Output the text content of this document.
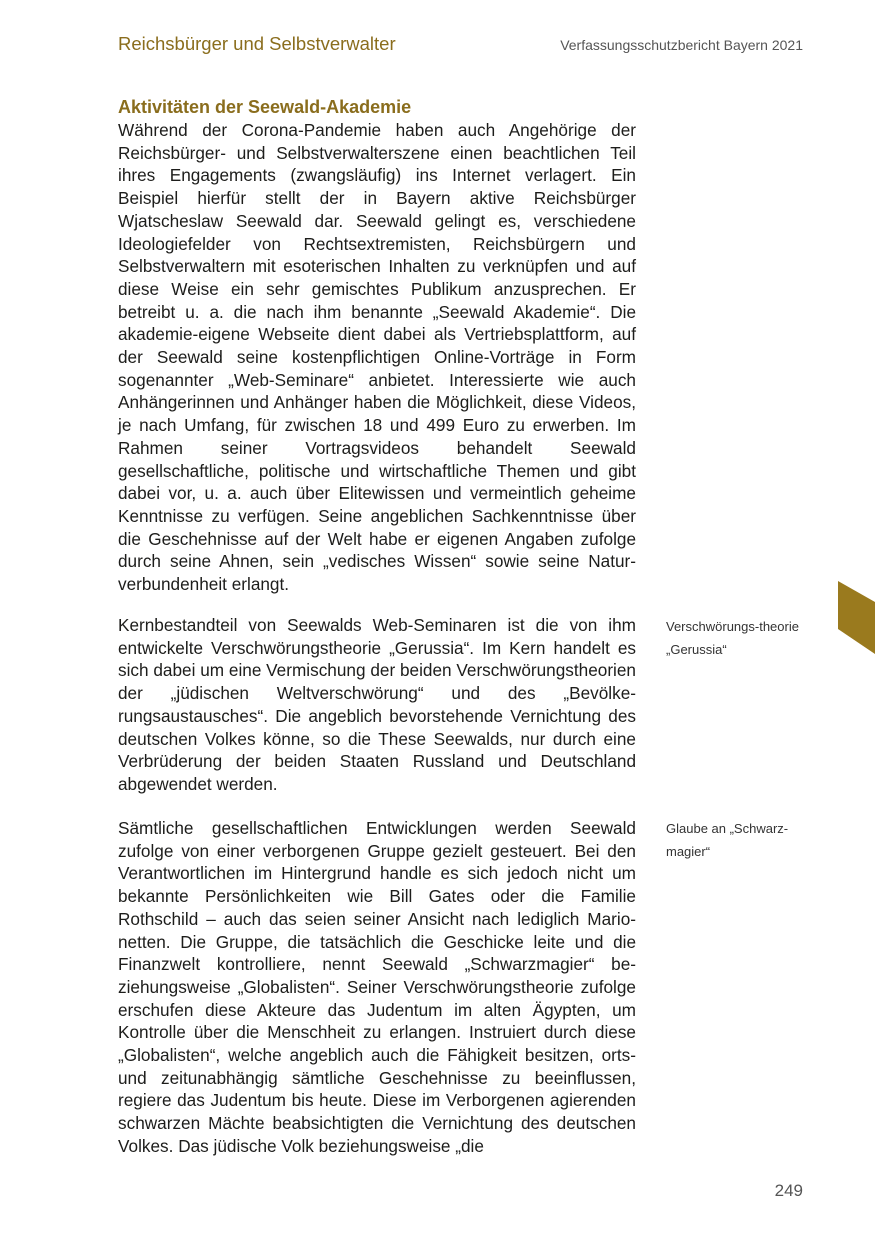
Reichsbürger und Selbstverwalter	Verfassungsschutzbericht Bayern 2021
Aktivitäten der Seewald-Akademie

Während der Corona-Pandemie haben auch Angehörige der Reichsbürger- und Selbstverwalterszene einen beachtlichen Teil ihres Engagements (zwangsläufig) ins Internet verlagert. Ein Beispiel hierfür stellt der in Bayern aktive Reichsbürger Wjatscheslaw Seewald dar. Seewald gelingt es, verschiedene Ideologiefelder von Rechtsextremisten, Reichsbürgern und Selbstverwaltern mit esoterischen Inhalten zu verknüpfen und auf diese Weise ein sehr gemischtes Publikum anzusprechen. Er betreibt u. a. die nach ihm benannte „Seewald Akademie“. Die akademie-eigene Webseite dient dabei als Vertriebsplattform, auf der Seewald seine kostenpflichtigen Online-Vorträge in Form sogenannter „Web-Seminare“ anbietet. Interessierte wie auch Anhängerinnen und Anhänger haben die Möglichkeit, diese Videos, je nach Umfang, für zwischen 18 und 499 Euro zu erwerben. Im Rahmen seiner Vortragsvideos behandelt Seewald gesellschaftliche, politische und wirtschaftliche Themen und gibt dabei vor, u. a. auch über Elitewissen und vermeintlich geheime Kenntnisse zu verfügen. Seine angeblichen Sachkenntnisse über die Geschehnisse auf der Welt habe er eigenen Angaben zufolge durch seine Ahnen, sein „vedisches Wissen“ sowie seine Naturverbundenheit erlangt.

Kernbestandteil von Seewalds Web-Seminaren ist die von ihm entwickelte Verschwörungstheorie „Gerussia“. Im Kern handelt es sich dabei um eine Vermischung der beiden Verschwörungstheorien der „jüdischen Weltverschwörung“ und des „Bevölkerungsaustausches“. Die angeblich bevorstehende Vernichtung des deutschen Volkes könne, so die These Seewalds, nur durch eine Verbrüderung der beiden Staaten Russland und Deutschland abgewendet werden.

Sämtliche gesellschaftlichen Entwicklungen werden Seewald zufolge von einer verborgenen Gruppe gezielt gesteuert. Bei den Verantwortlichen im Hintergrund handle es sich jedoch nicht um bekannte Persönlichkeiten wie Bill Gates oder die Familie Rothschild – auch das seien seiner Ansicht nach lediglich Marionetten. Die Gruppe, die tatsächlich die Geschicke leite und die Finanzwelt kontrolliere, nennt Seewald „Schwarzmagier“ beziehungsweise „Globalisten“. Seiner Verschwörungstheorie zufolge erschufen diese Akteure das Judentum im alten Ägypten, um Kontrolle über die Menschheit zu erlangen. Instruiert durch diese „Globalisten“, welche angeblich auch die Fähigkeit besitzen, orts- und zeitunabhängig sämtliche Geschehnisse zu beeinflussen, regiere das Judentum bis heute. Diese im Verborgenen agierenden schwarzen Mächte beabsichtigten die Vernichtung des deutschen Volkes. Das jüdische Volk beziehungsweise „die

Verschwörungs-theorie „Gerussia“
Glaube an „Schwarz-magier“
249
